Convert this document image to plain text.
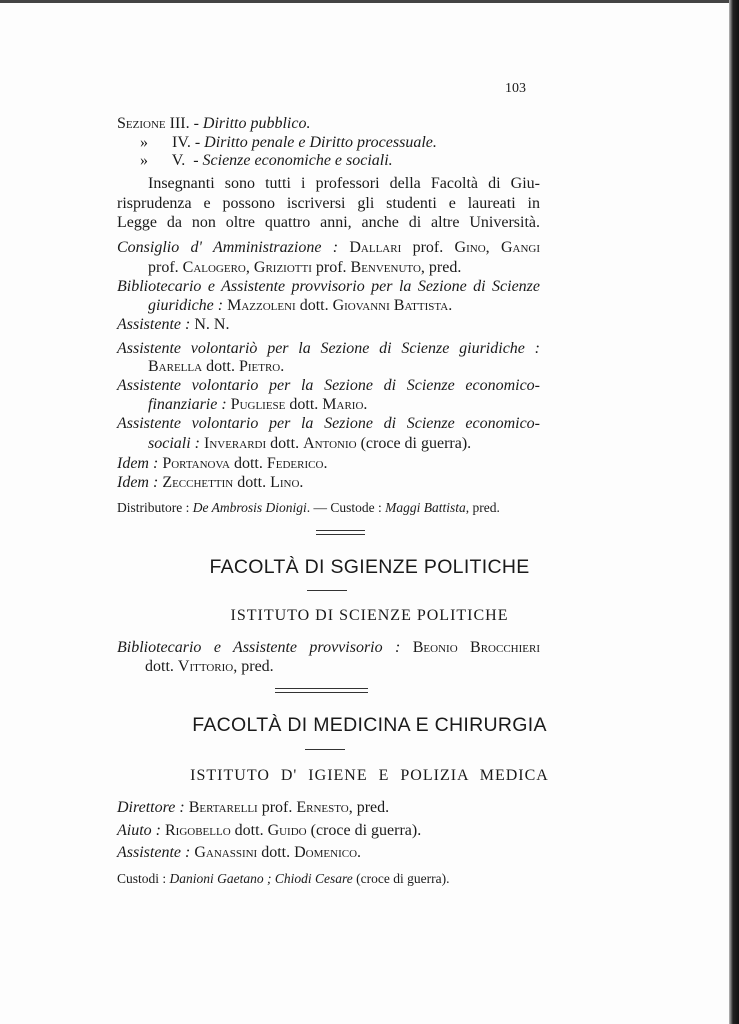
103
Sezione III. - Diritto pubblico.
»      IV. - Diritto penale e Diritto processuale.
»      V.  - Scienze economiche e sociali.
Insegnanti sono tutti i professori della Facoltà di Giu-
risprudenza e possono iscriversi gli studenti e laureati in
Legge da non oltre quattro anni, anche di altre Università.
Consiglio d' Amministrazione : Dallari prof. Gino, Gangi
prof. Calogero, Griziotti prof. Benvenuto, pred.
Bibliotecario e Assistente provvisorio per la Sezione di Scienze
giuridiche : Mazzoleni dott. Giovanni Battista.
Assistente : N. N.
Assistente volontariò per la Sezione di Scienze giuridiche :
Barella dott. Pietro.
Assistente volontario per la Sezione di Scienze economico-
finanziarie : Pugliese dott. Mario.
Assistente volontario per la Sezione di Scienze economico-
sociali : Inverardi dott. Antonio (croce di guerra).
Idem : Portanova dott. Federico.
Idem : Zecchettin dott. Lino.
Distributore : De Ambrosis Dionigi. — Custode : Maggi Battista, pred.
Bibliotecario e Assistente provvisorio : Beonio Brocchieri
dott. Vittorio, pred.
Direttore : Bertarelli prof. Ernesto, pred.
Aiuto : Rigobello dott. Guido (croce di guerra).
Assistente : Ganassini dott. Domenico.
Custodi : Danioni Gaetano ; Chiodi Cesare (croce di guerra).
FACOLTÀ DI SGIENZE POLITICHE
ISTITUTO DI SCIENZE POLITICHE
FACOLTÀ DI MEDICINA E CHIRURGIA
ISTITUTO D' IGIENE E POLIZIA MEDICA
